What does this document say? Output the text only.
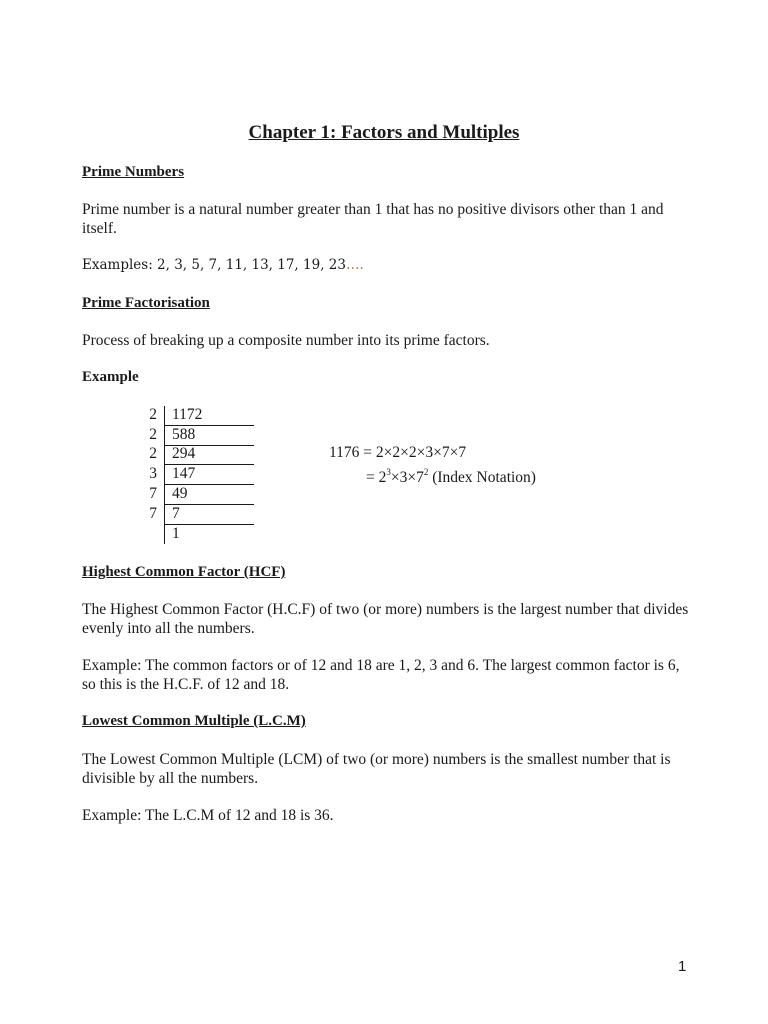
Chapter 1: Factors and Multiples
Prime Numbers
Prime number is a natural number greater than 1 that has no positive divisors other than 1 and itself.
Examples: 2, 3, 5, 7, 11, 13, 17, 19, 23….
Prime Factorisation
Process of breaking up a composite number into its prime factors.
Example
2 1172
2 588
2 294
3 147
7 49
7 7
1
1176 = 2×2×2×3×7×7
= $2^3\times 3\times 7^2$ (Index Notation)
Highest Common Factor (HCF)
The Highest Common Factor (H.C.F) of two (or more) numbers is the largest number that divides evenly into all the numbers.
Example: The common factors or of 12 and 18 are 1, 2, 3 and 6. The largest common factor is 6, so this is the H.C.F. of 12 and 18.
Lowest Common Multiple (L.C.M)
The Lowest Common Multiple (LCM) of two (or more) numbers is the smallest number that is divisible by all the numbers.
Example: The L.C.M of 12 and 18 is 36.
1
